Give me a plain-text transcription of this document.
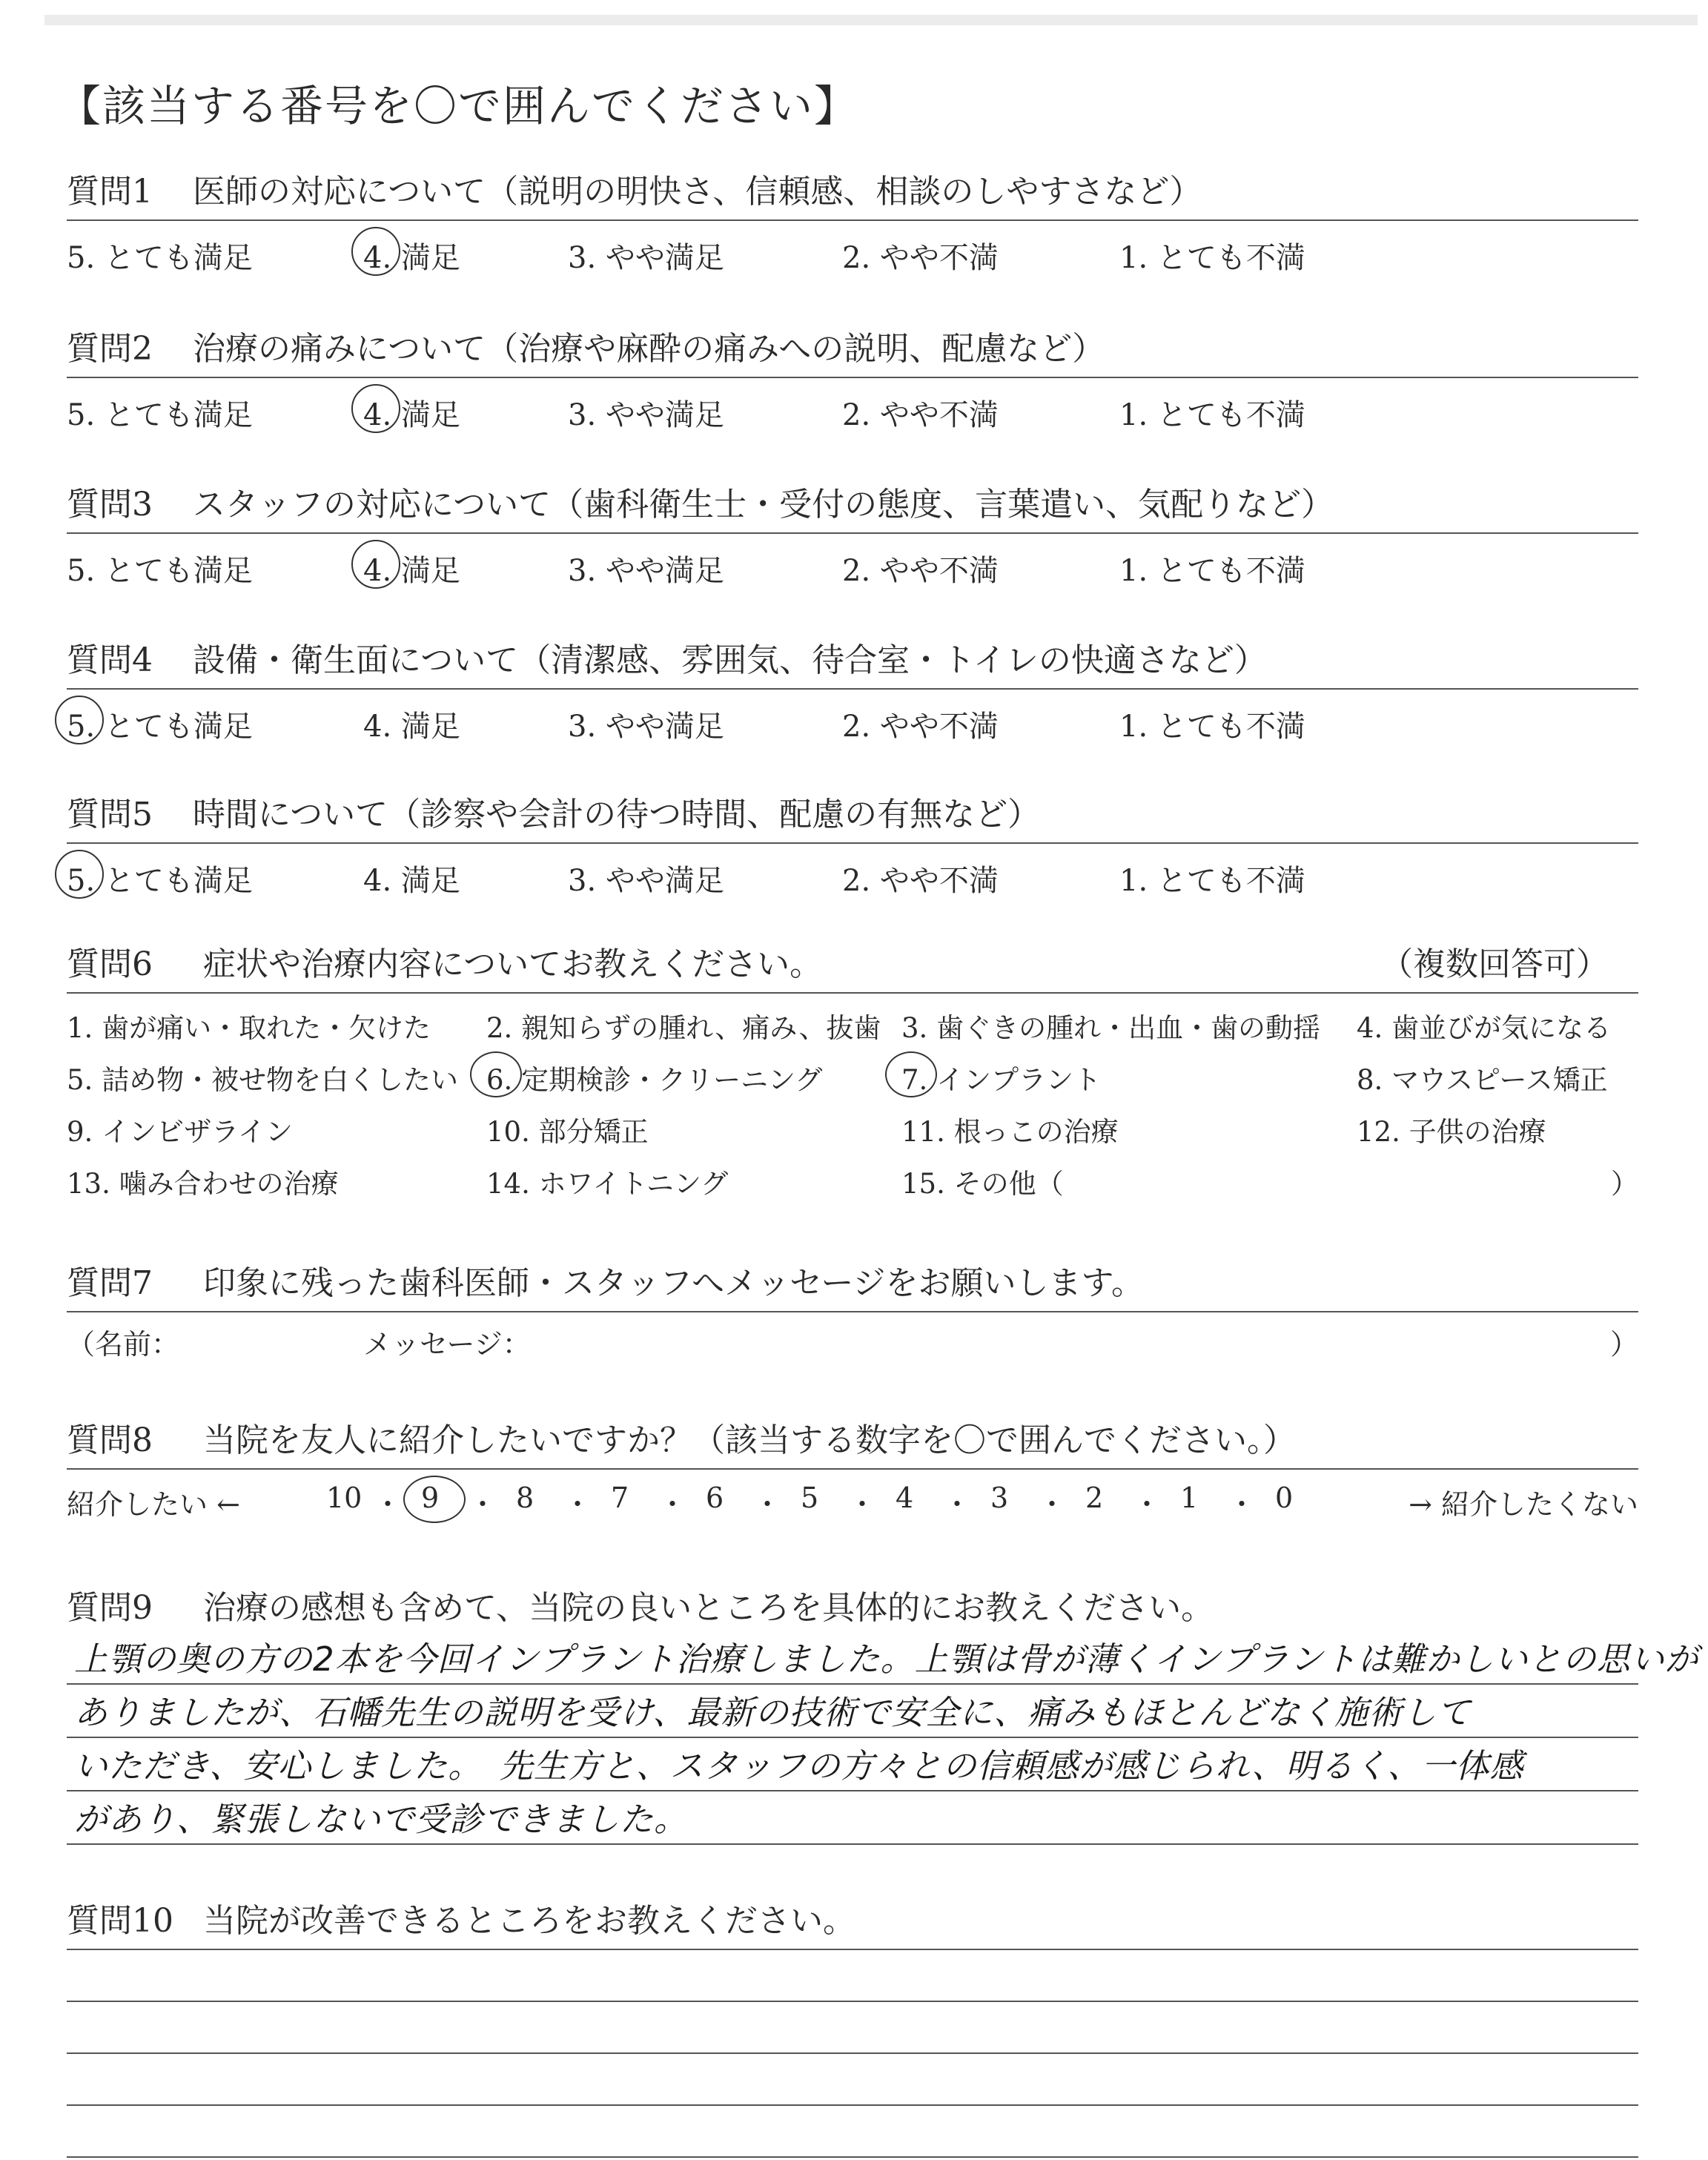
【該当する番号を〇で囲んでください】
質問1 医師の対応について（説明の明快さ、信頼感、相談のしやすさなど）
5. とても満足	4. 満足	3. やや満足	2. やや不満	1. とても不満
質問2 治療の痛みについて（治療や麻酔の痛みへの説明、配慮など）
5. とても満足	4. 満足	3. やや満足	2. やや不満	1. とても不満
質問3 スタッフの対応について（歯科衛生士・受付の態度、言葉遣い、気配りなど）
5. とても満足	4. 満足	3. やや満足	2. やや不満	1. とても不満
質問4 設備・衛生面について（清潔感、雰囲気、待合室・トイレの快適さなど）
5. とても満足	4. 満足	3. やや満足	2. やや不満	1. とても不満
質問5 時間について（診察や会計の待つ時間、配慮の有無など）
5. とても満足	4. 満足	3. やや満足	2. やや不満	1. とても不満
質問6 症状や治療内容についてお教えください。	（複数回答可）
）
1. 歯が痛い・取れた・欠けた 2. 親知らずの腫れ、痛み、抜歯 3. 歯ぐきの腫れ・出血・歯の動揺 4. 歯並びが気になる
5. 詰め物・被せ物を白くしたい 6. 定期検診・クリーニング	7. インプラント	8. マウスピース矯正
9. インビザライン	10. 部分矯正	11. 根っこの治療	12. 子供の治療
13. 噛み合わせの治療	14. ホワイトニング	15. その他（
質問7 印象に残った歯科医師・スタッフへメッセージをお願いします。
（名前：	メッセージ：	）
質問8 当院を友人に紹介したいですか？（該当する数字を〇で囲んでください。）
紹介したい ←	→ 紹介したくない
10 ・ 9 ・ 8 ・ 7 ・ 6 ・ 5 ・ 4 ・ 3 ・ 2 ・ 1 ・ 0
質問9 治療の感想も含めて、当院の良いところを具体的にお教えください。
上顎の奥の方の2本を今回インプラント治療しました。上顎は骨が薄くインプラントは難かしいとの思いが
ありましたが、石幡先生の説明を受け、最新の技術で安全に、痛みもほとんどなく施術して
いただき、安心しました。　先生方と、スタッフの方々との信頼感が感じられ、明るく、一体感
があり、緊張しないで受診できました。
質問10 当院が改善できるところをお教えください。
